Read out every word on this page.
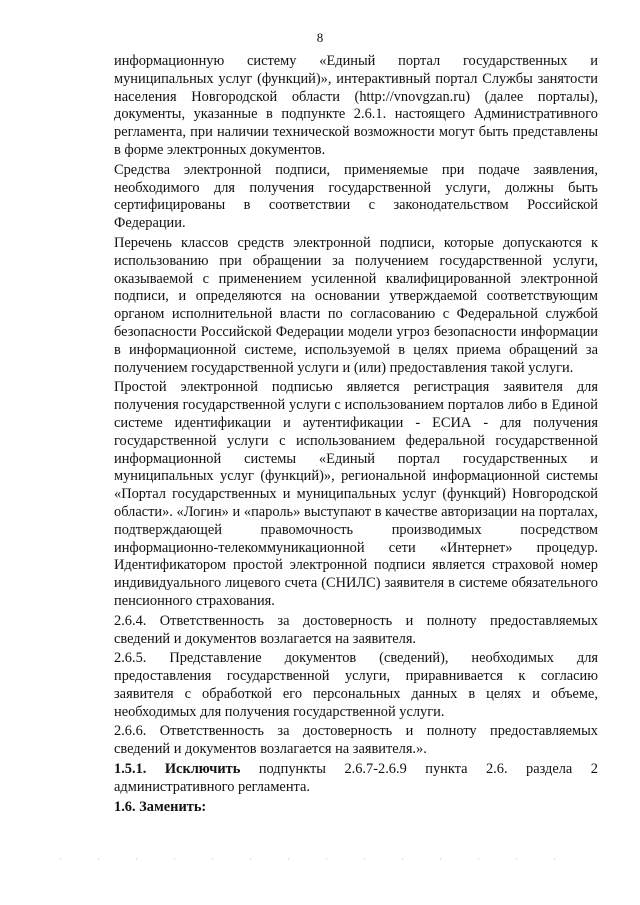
8

информационную систему «Единый портал государственных и муниципальных услуг (функций)», интерактивный портал Службы занятости населения Новгородской области (http://vnovgzan.ru) (далее порталы), документы, указанные в подпункте 2.6.1. настоящего Административного регламента, при наличии технической возможности могут быть представлены в форме электронных документов.

Средства электронной подписи, применяемые при подаче заявления, необходимого для получения государственной услуги, должны быть сертифицированы в соответствии с законодательством Российской Федерации.

Перечень классов средств электронной подписи, которые допускаются к использованию при обращении за получением государственной услуги, оказываемой с применением усиленной квалифицированной электронной подписи, и определяются на основании утверждаемой соответствующим органом исполнительной власти по согласованию с Федеральной службой безопасности Российской Федерации модели угроз безопасности информации в информационной системе, используемой в целях приема обращений за получением государственной услуги и (или) предоставления такой услуги.

Простой электронной подписью является регистрация заявителя для получения государственной услуги с использованием порталов либо в Единой системе идентификации и аутентификации - ЕСИА - для получения государственной услуги с использованием федеральной государственной информационной системы «Единый портал государственных и муниципальных услуг (функций)», региональной информационной системы «Портал государственных и муниципальных услуг (функций) Новгородской области». «Логин» и «пароль» выступают в качестве авторизации на порталах, подтверждающей правомочность производимых посредством информационно-телекоммуникационной сети «Интернет» процедур. Идентификатором простой электронной подписи является страховой номер индивидуального лицевого счета (СНИЛС) заявителя в системе обязательного пенсионного страхования.

2.6.4. Ответственность за достоверность и полноту предоставляемых сведений и документов возлагается на заявителя.

2.6.5. Представление документов (сведений), необходимых для предоставления государственной услуги, приравнивается к согласию заявителя с обработкой его персональных данных в целях и объеме, необходимых для получения государственной услуги.

2.6.6. Ответственность за достоверность и полноту предоставляемых сведений и документов возлагается на заявителя.».

1.5.1. Исключить подпункты 2.6.7-2.6.9 пункта 2.6. раздела 2 административного регламента.

1.6. Заменить:
